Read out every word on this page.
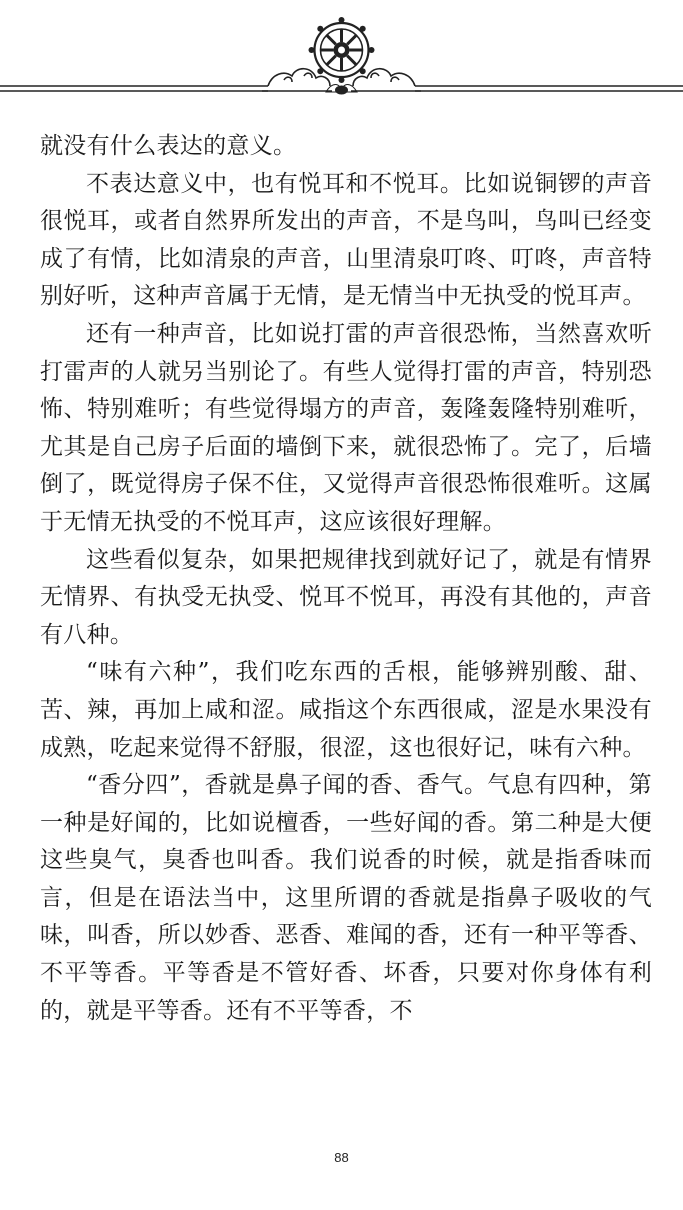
就没有什么表达的意义。

不表达意义中，也有悦耳和不悦耳。比如说铜锣的声音很悦耳，或者自然界所发出的声音，不是鸟叫，鸟叫已经变成了有情，比如清泉的声音，山里清泉叮咚、叮咚，声音特别好听，这种声音属于无情，是无情当中无执受的悦耳声。

还有一种声音，比如说打雷的声音很恐怖，当然喜欢听打雷声的人就另当别论了。有些人觉得打雷的声音，特别恐怖、特别难听；有些觉得塌方的声音，轰隆轰隆特别难听，尤其是自己房子后面的墙倒下来，就很恐怖了。完了，后墙倒了，既觉得房子保不住，又觉得声音很恐怖很难听。这属于无情无执受的不悦耳声，这应该很好理解。

这些看似复杂，如果把规律找到就好记了，就是有情界无情界、有执受无执受、悦耳不悦耳，再没有其他的，声音有八种。

“味有六种”，我们吃东西的舌根，能够辨别酸、甜、苦、辣，再加上咸和涩。咸指这个东西很咸，涩是水果没有成熟，吃起来觉得不舒服，很涩，这也很好记，味有六种。

“香分四”，香就是鼻子闻的香、香气。气息有四种，第一种是好闻的，比如说檀香，一些好闻的香。第二种是大便这些臭气，臭香也叫香。我们说香的时候，就是指香味而言，但是在语法当中，这里所谓的香就是指鼻子吸收的气味，叫香，所以妙香、恶香、难闻的香，还有一种平等香、不平等香。平等香是不管好香、坏香，只要对你身体有利的，就是平等香。还有不平等香，不

88
